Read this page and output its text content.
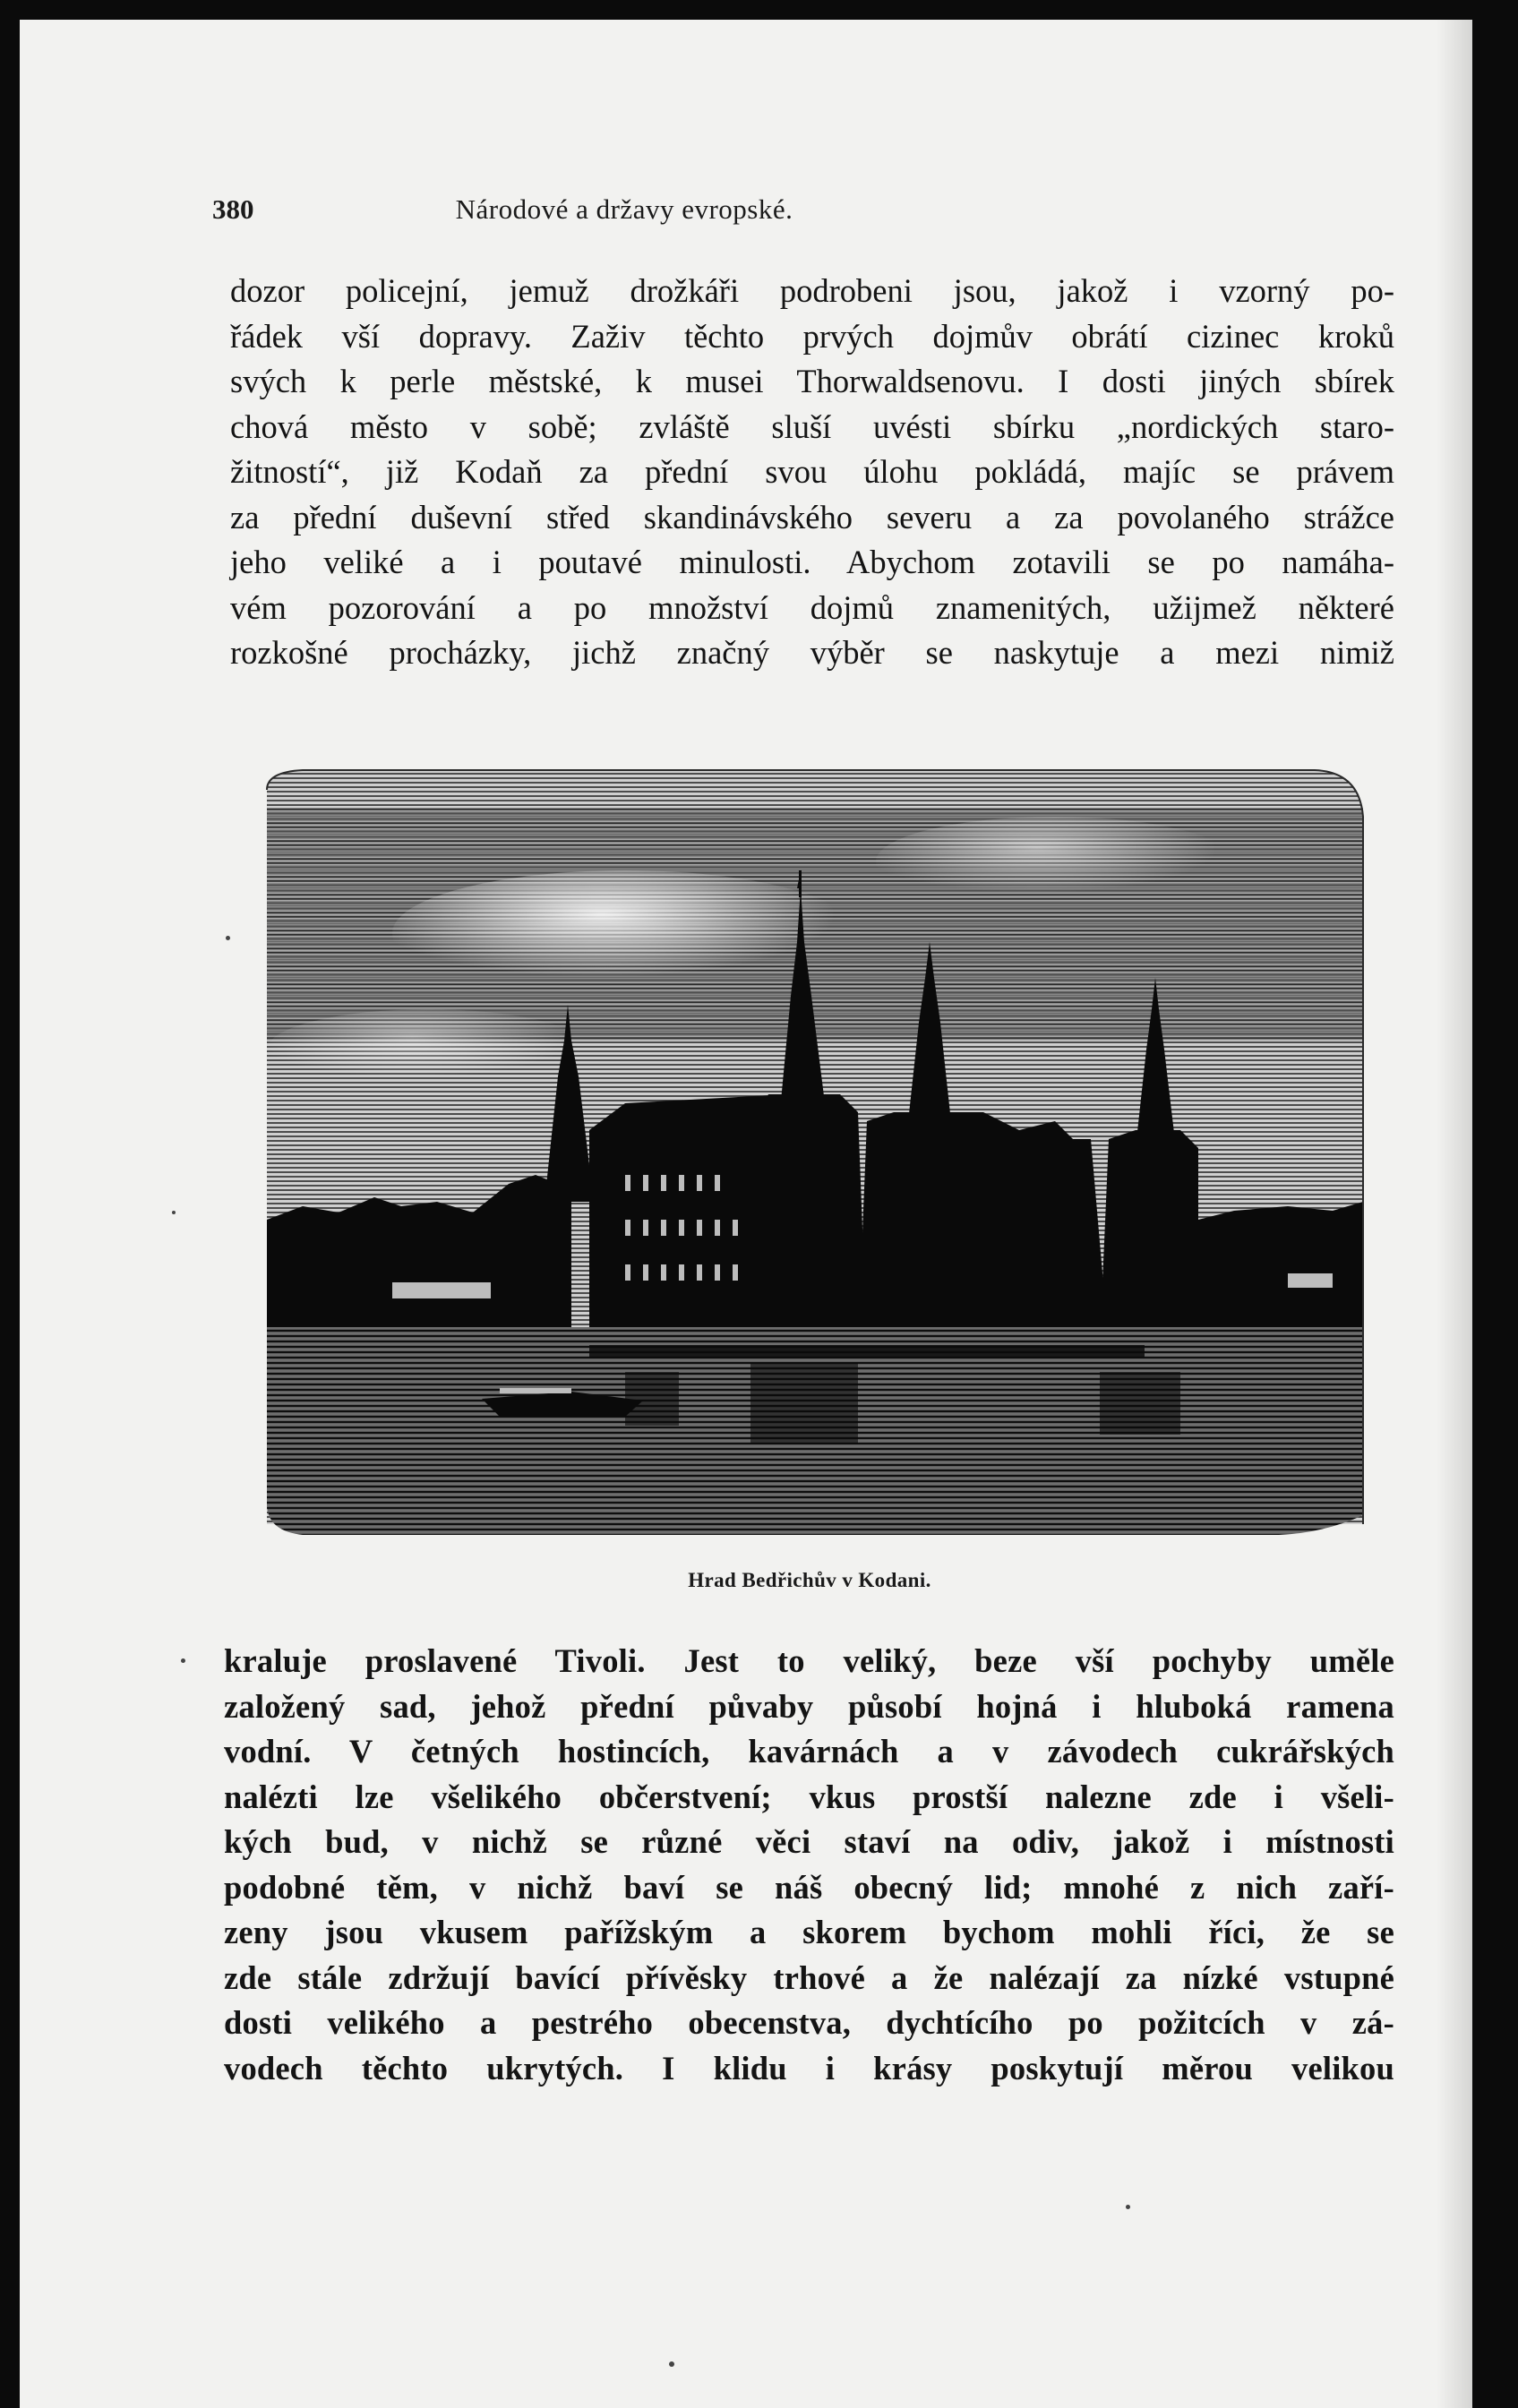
380	Národové a državy evropské.
dozor policejní, jemuž drožkáři podrobeni jsou, jakož i vzorný po-
řádek vší dopravy. Zaživ těchto prvých dojmův obrátí cizinec kroků
svých k perle městské, k musei Thorwaldsenovu. I dosti jiných sbírek
chová město v sobě; zvláště sluší uvésti sbírku „nordických staro-
žitností“, již Kodaň za přední svou úlohu pokládá, majíc se právem
za přední duševní střed skandinávského severu a za povolaného strážce
jeho veliké a i poutavé minulosti. Abychom zotavili se po namáha-
vém pozorování a po množství dojmů znamenitých, užijmež některé
rozkošné procházky, jichž značný výběr se naskytuje a mezi nimiž
Hrad Bedřichův v Kodani.
kraluje proslavené Tivoli. Jest to veliký, beze vší pochyby uměle
založený sad, jehož přední půvaby působí hojná i hluboká ramena
vodní. V četných hostincích, kavárnách a v závodech cukrářských
nalézti lze všelikého občerstvení; vkus prostší nalezne zde i všeli-
kých bud, v nichž se různé věci staví na odiv, jakož i místnosti
podobné těm, v nichž baví se náš obecný lid; mnohé z nich zaří-
zeny jsou vkusem pařížským a skorem bychom mohli říci, že se
zde stále zdržují bavící přívěsky trhové a že nalézají za nízké vstupné
dosti velikého a pestrého obecenstva, dychtícího po požitcích v zá-
vodech těchto ukrytých. I klidu i krásy poskytují měrou velikou
